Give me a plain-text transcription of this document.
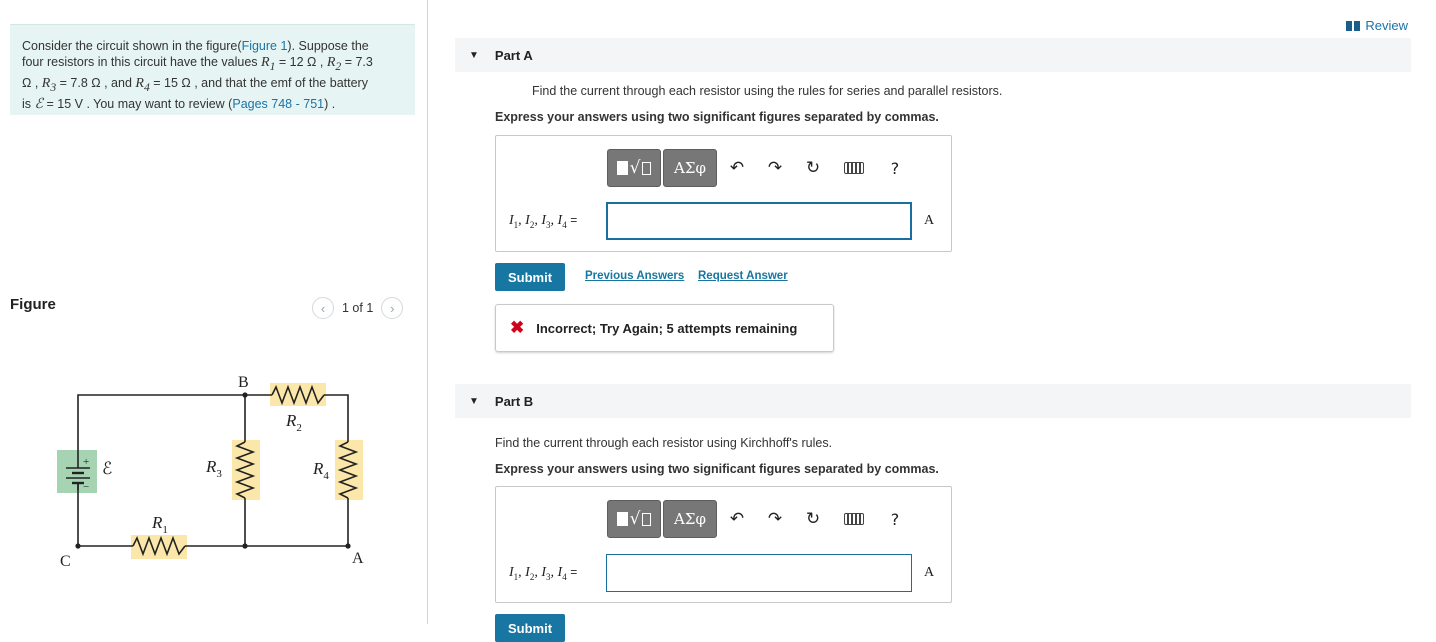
Consider the circuit shown in the figure(Figure 1). Suppose the
four resistors in this circuit have the values $R_1 = 12$ Ω , $R_2 = 7.3$
Ω , $R_3 = 7.8$ Ω , and $R_4 = 15$ Ω , and that the emf of the battery
is ℰ = 15 V . You may want to review (Pages 748 - 751) .
Figure	‹	1 of 1	›
B
C	A
$R_2$
$R_3$	$R_4$
$R_1$
ℰ
+
−
Review
▼ Part A
Find the current through each resistor using the rules for series and parallel resistors.
Express your answers using two significant figures separated by commas.
√	ΑΣφ	↶	↷	↻	?
$I_1$, $I_2$, $I_3$, $I_4$ =	A
Submit	Previous Answers Request Answer
✖ Incorrect; Try Again; 5 attempts remaining
▼ Part B
Find the current through each resistor using Kirchhoff's rules.
Express your answers using two significant figures separated by commas.
√	ΑΣφ	↶	↷	↻	?
$I_1$, $I_2$, $I_3$, $I_4$ =	A
Submit
